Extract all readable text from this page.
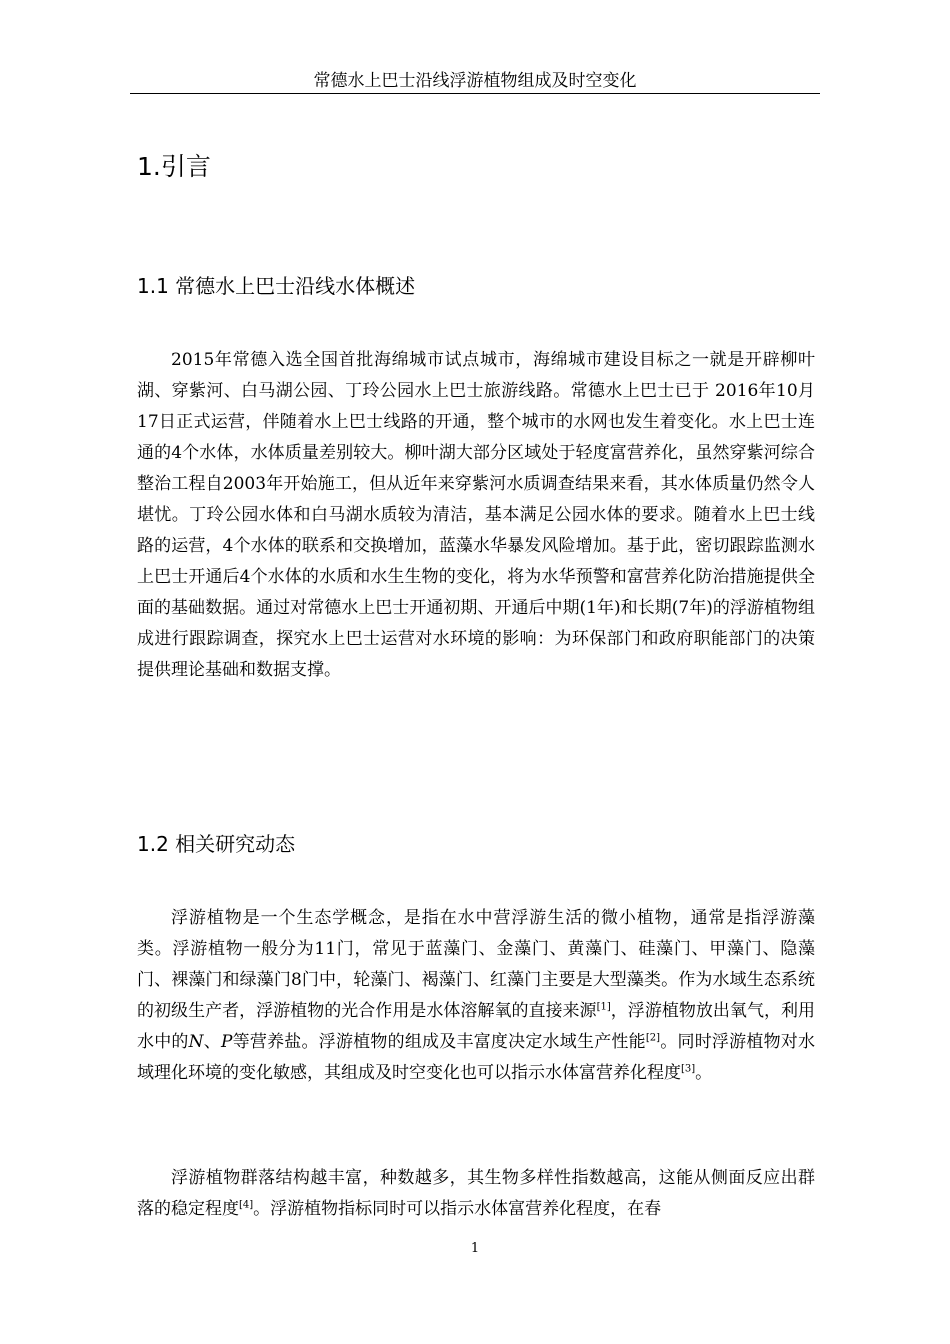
常德水上巴士沿线浮游植物组成及时空变化
1.引言
1.1 常德水上巴士沿线水体概述
2015年常德入选全国首批海绵城市试点城市，海绵城市建设目标之一就是开辟柳叶湖、穿紫河、白马湖公园、丁玲公园水上巴士旅游线路。常德水上巴士已于 2016年10月17日正式运营，伴随着水上巴士线路的开通，整个城市的水网也发生着变化。水上巴士连通的4个水体，水体质量差别较大。柳叶湖大部分区域处于轻度富营养化，虽然穿紫河综合整治工程自2003年开始施工，但从近年来穿紫河水质调查结果来看，其水体质量仍然令人堪忧。丁玲公园水体和白马湖水质较为清洁，基本满足公园水体的要求。随着水上巴士线路的运营，4个水体的联系和交换增加，蓝藻水华暴发风险增加。基于此，密切跟踪监测水上巴士开通后4个水体的水质和水生生物的变化，将为水华预警和富营养化防治措施提供全面的基础数据。通过对常德水上巴士开通初期、开通后中期(1年)和长期(7年)的浮游植物组成进行跟踪调查，探究水上巴士运营对水环境的影响：为环保部门和政府职能部门的决策提供理论基础和数据支撑。
1.2 相关研究动态
浮游植物是一个生态学概念，是指在水中营浮游生活的微小植物，通常是指浮游藻类。浮游植物一般分为11门，常见于蓝藻门、金藻门、黄藻门、硅藻门、甲藻门、隐藻门、裸藻门和绿藻门8门中，轮藻门、褐藻门、红藻门主要是大型藻类。作为水域生态系统的初级生产者，浮游植物的光合作用是水体溶解氧的直接来源[1]，浮游植物放出氧气，利用水中的N、P等营养盐。浮游植物的组成及丰富度决定水域生产性能[2]。同时浮游植物对水域理化环境的变化敏感，其组成及时空变化也可以指示水体富营养化程度[3]。
浮游植物群落结构越丰富，种数越多，其生物多样性指数越高，这能从侧面反应出群落的稳定程度[4]。浮游植物指标同时可以指示水体富营养化程度，在春
1
